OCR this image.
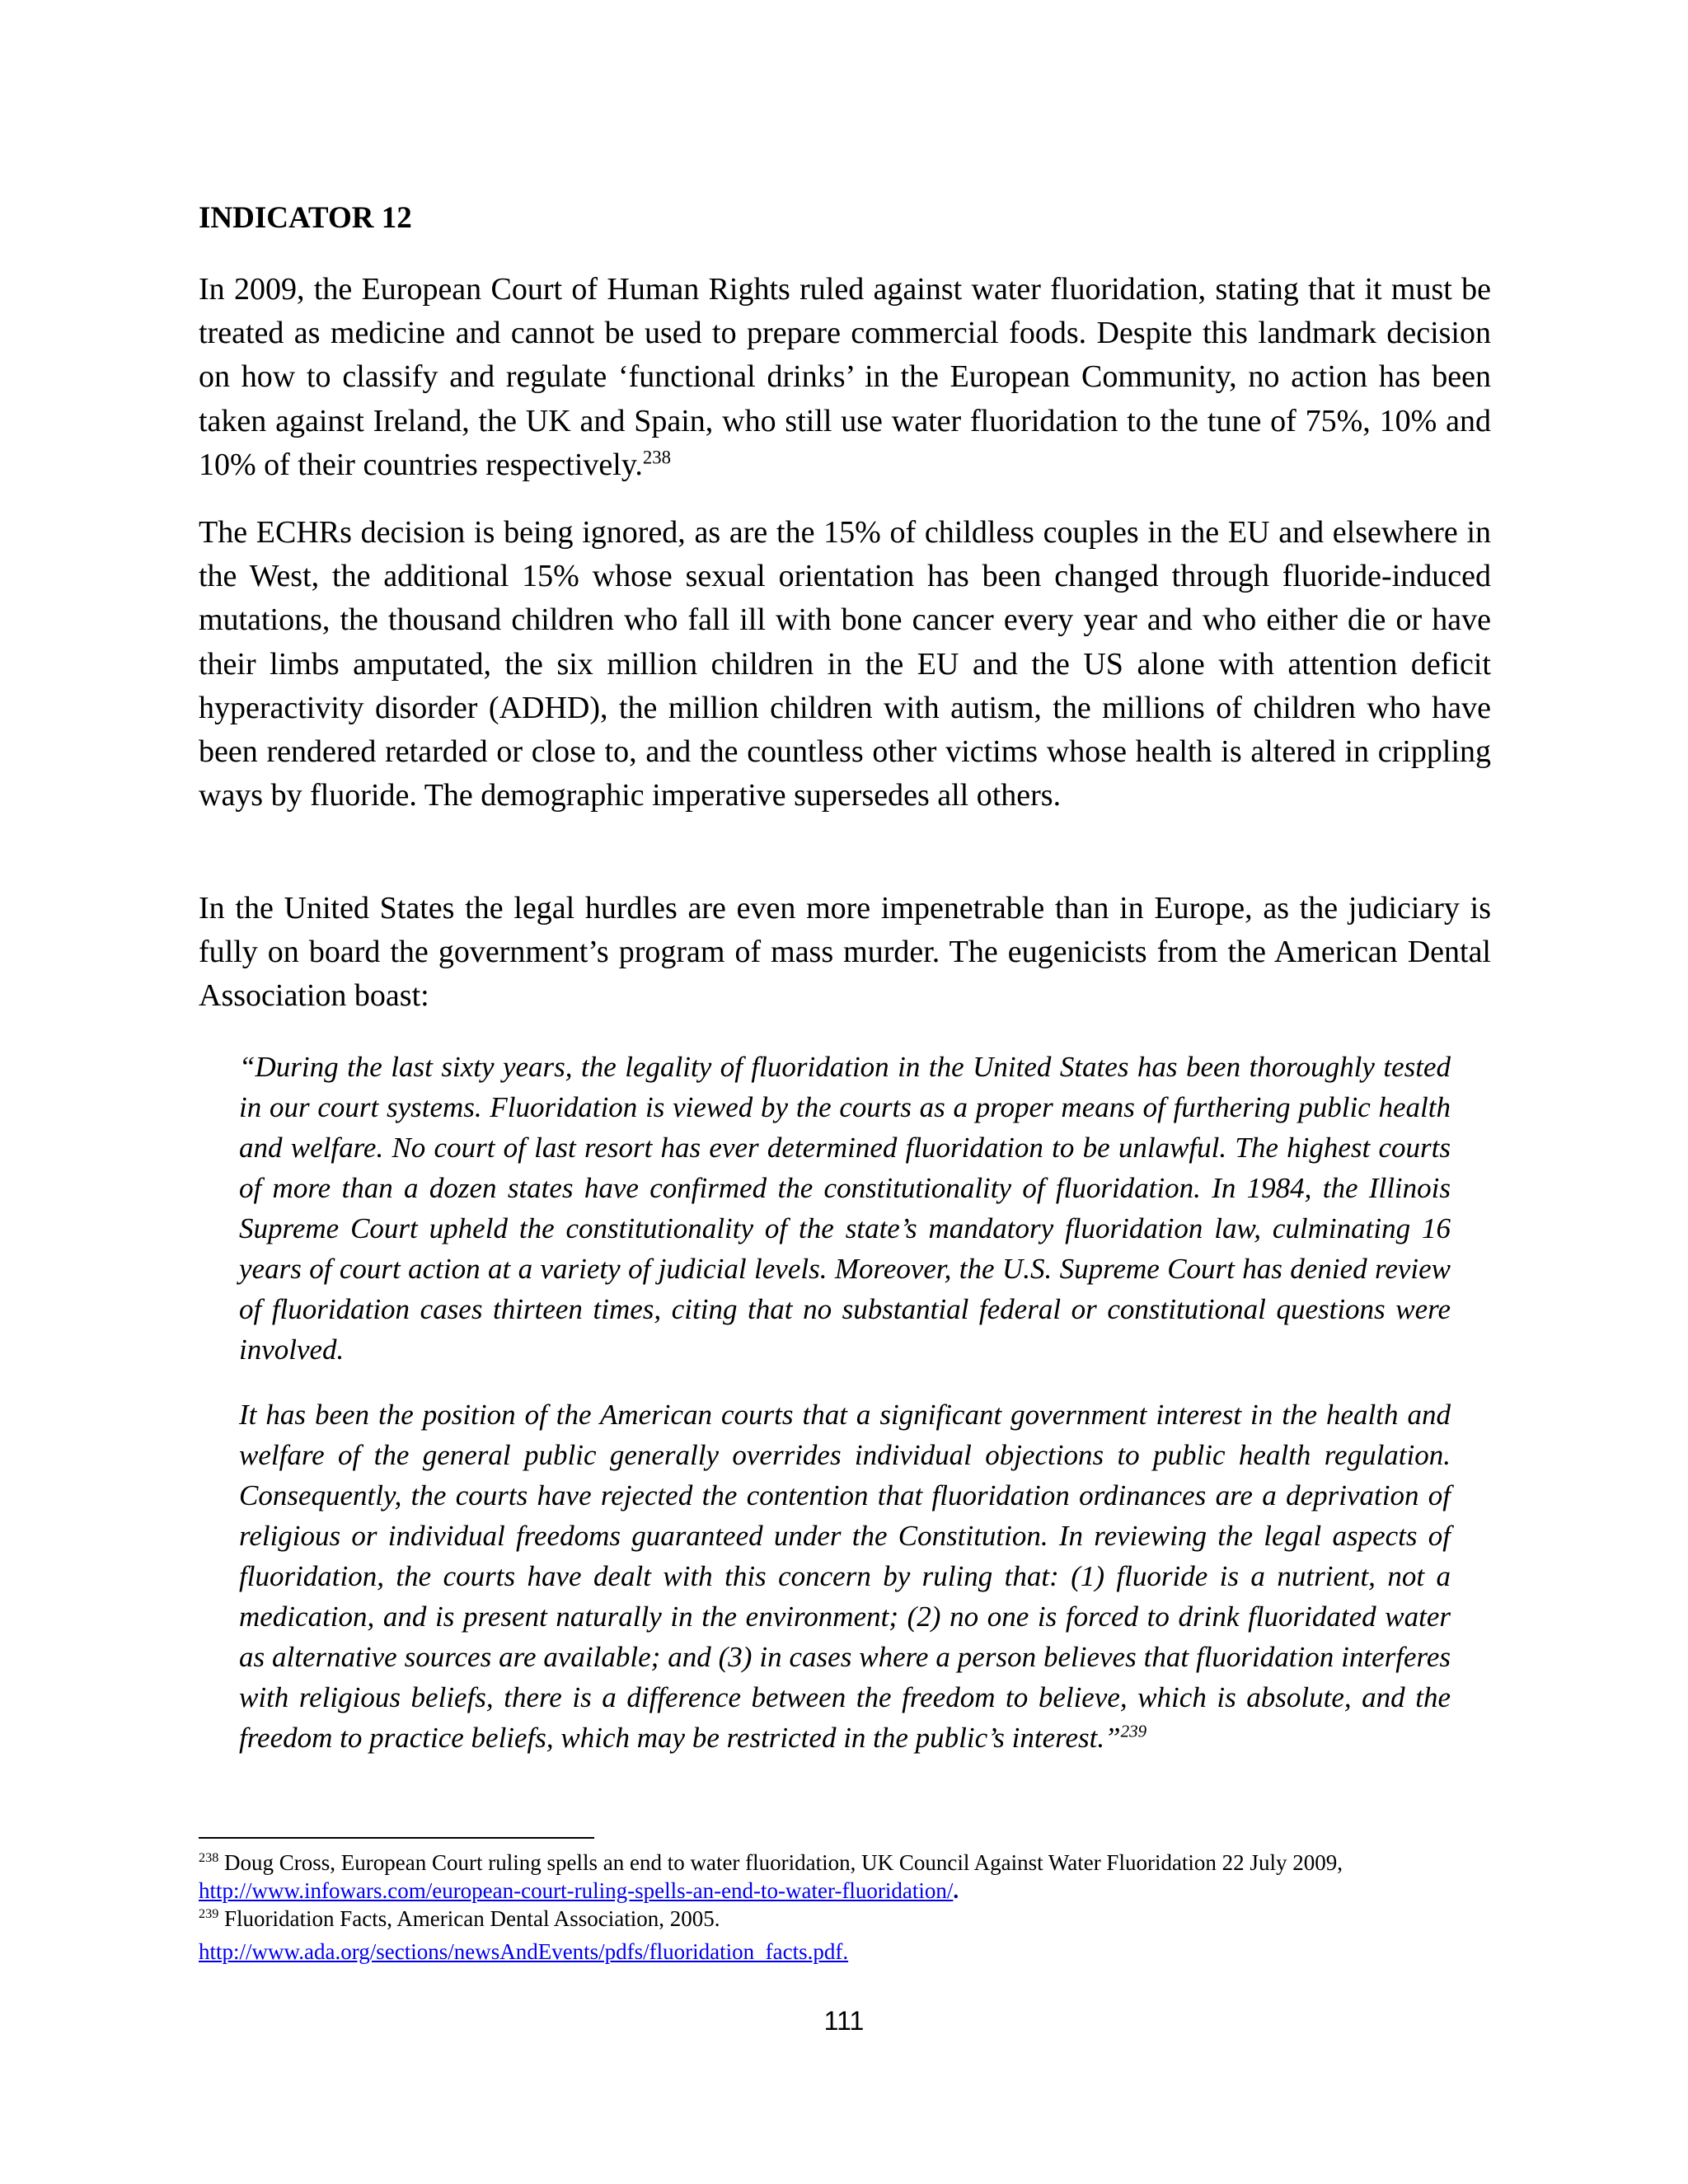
INDICATOR 12

In 2009, the European Court of Human Rights ruled against water fluoridation, stating that it must be treated as medicine and cannot be used to prepare commercial foods. Despite this landmark decision on how to classify and regulate ‘functional drinks’ in the European Community, no action has been taken against Ireland, the UK and Spain, who still use water fluoridation to the tune of 75%, 10% and 10% of their countries respectively.$^{238}$

The ECHRs decision is being ignored, as are the 15% of childless couples in the EU and elsewhere in the West, the additional 15% whose sexual orientation has been changed through fluoride-induced mutations, the thousand children who fall ill with bone cancer every year and who either die or have their limbs amputated, the six million children in the EU and the US alone with attention deficit hyperactivity disorder (ADHD), the million children with autism, the millions of children who have been rendered retarded or close to, and the countless other victims whose health is altered in crippling ways by fluoride. The demographic imperative supersedes all others.

In the United States the legal hurdles are even more impenetrable than in Europe, as the judiciary is fully on board the government’s program of mass murder. The eugenicists from the American Dental Association boast:

“During the last sixty years, the legality of fluoridation in the United States has been thoroughly tested in our court systems. Fluoridation is viewed by the courts as a proper means of furthering public health and welfare. No court of last resort has ever determined fluoridation to be unlawful. The highest courts of more than a dozen states have confirmed the constitutionality of fluoridation. In 1984, the Illinois Supreme Court upheld the constitutionality of the state’s mandatory fluoridation law, culminating 16 years of court action at a variety of judicial levels. Moreover, the U.S. Supreme Court has denied review of fluoridation cases thirteen times, citing that no substantial federal or constitutional questions were involved.

It has been the position of the American courts that a significant government interest in the health and welfare of the general public generally overrides individual objections to public health regulation. Consequently, the courts have rejected the contention that fluoridation ordinances are a deprivation of religious or individual freedoms guaranteed under the Constitution. In reviewing the legal aspects of fluoridation, the courts have dealt with this concern by ruling that: (1) fluoride is a nutrient, not a medication, and is present naturally in the environment; (2) no one is forced to drink fluoridated water as alternative sources are available; and (3) in cases where a person believes that fluoridation interferes with religious beliefs, there is a difference between the freedom to believe, which is absolute, and the freedom to practice beliefs, which may be restricted in the public’s interest.”$^{239}$

$^{238}$ Doug Cross, European Court ruling spells an end to water fluoridation, UK Council Against Water Fluoridation 22 July 2009, http://www.infowars.com/european-court-ruling-spells-an-end-to-water-fluoridation/.

$^{239}$ Fluoridation Facts, American Dental Association, 2005.

http://www.ada.org/sections/newsAndEvents/pdfs/fluoridation_facts.pdf.

111
